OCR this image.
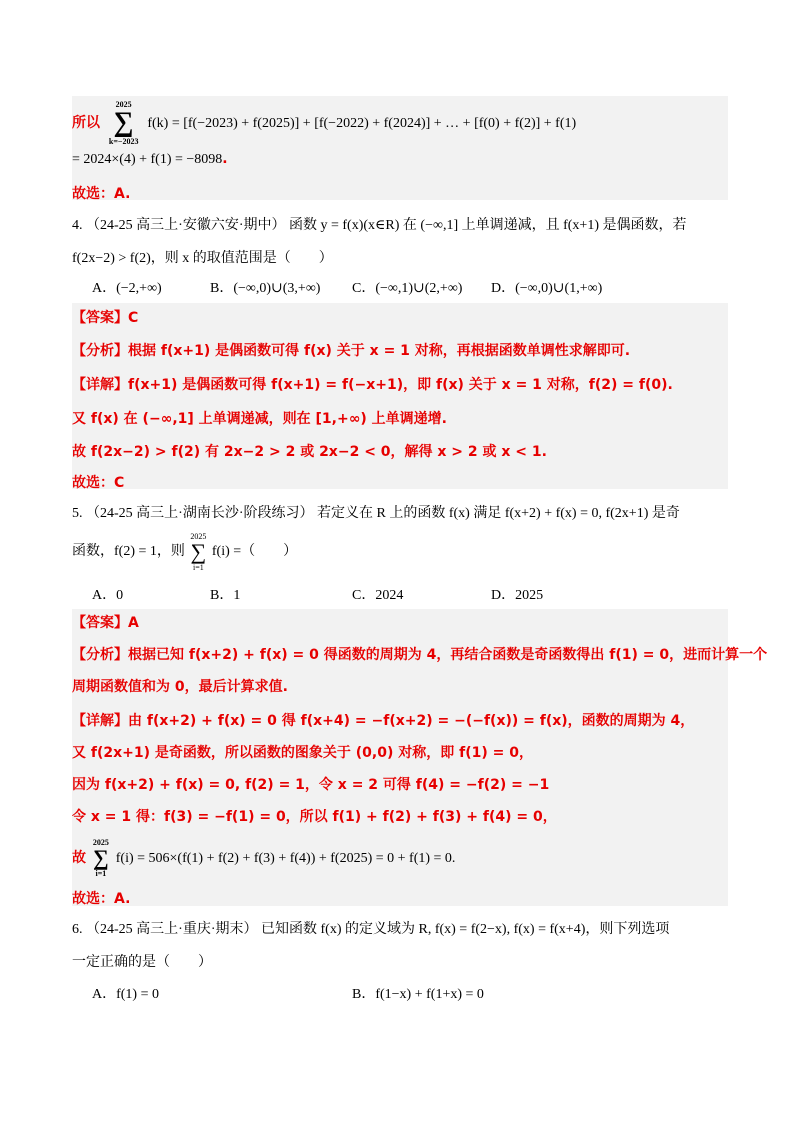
所以
2025
∑
k=−2023
f(k) = [f(−2023) + f(2025)] + [f(−2022) + f(2024)] + … + [f(0) + f(2)] + f(1)
= 2024×(4) + f(1) = −8098.
故选：A.
4. （24-25 高三上·安徽六安·期中） 函数 y = f(x)(x∈R) 在 (−∞,1] 上单调递减，且 f(x+1) 是偶函数，若
f(2x−2) > f(2)，则 x 的取值范围是（　　）
A．(−2,+∞)	B．(−∞,0)∪(3,+∞) C．(−∞,1)∪(2,+∞) D．(−∞,0)∪(1,+∞)
【答案】C
【分析】根据 f(x+1) 是偶函数可得 f(x) 关于 x = 1 对称，再根据函数单调性求解即可.
【详解】f(x+1) 是偶函数可得 f(x+1) = f(−x+1)，即 f(x) 关于 x = 1 对称，f(2) = f(0).
又 f(x) 在 (−∞,1] 上单调递减，则在 [1,+∞) 上单调递增.
故 f(2x−2) > f(2) 有 2x−2 > 2 或 2x−2 < 0，解得 x > 2 或 x < 1.
故选：C
5. （24-25 高三上·湖南长沙·阶段练习） 若定义在 R 上的函数 f(x) 满足 f(x+2) + f(x) = 0, f(2x+1) 是奇
函数，f(2) = 1，则
2025
∑
i=1
f(i) =（　　）
A．0	B．1	C．2024	D．2025
【答案】A
【分析】根据已知 f(x+2) + f(x) = 0 得函数的周期为 4，再结合函数是奇函数得出 f(1) = 0，进而计算一个
周期函数值和为 0，最后计算求值.
【详解】由 f(x+2) + f(x) = 0 得 f(x+4) = −f(x+2) = −(−f(x)) = f(x)，函数的周期为 4，
又 f(2x+1) 是奇函数，所以函数的图象关于 (0,0) 对称，即 f(1) = 0，
因为 f(x+2) + f(x) = 0, f(2) = 1，令 x = 2 可得 f(4) = −f(2) = −1
令 x = 1 得：f(3) = −f(1) = 0，所以 f(1) + f(2) + f(3) + f(4) = 0，
故
2025
∑
i=1
f(i) = 506×(f(1) + f(2) + f(3) + f(4)) + f(2025) = 0 + f(1) = 0.
故选：A.
6. （24-25 高三上·重庆·期末） 已知函数 f(x) 的定义域为 R, f(x) = f(2−x), f(x) = f(x+4)，则下列选项
一定正确的是（　　）
A．f(1) = 0	B．f(1−x) + f(1+x) = 0
